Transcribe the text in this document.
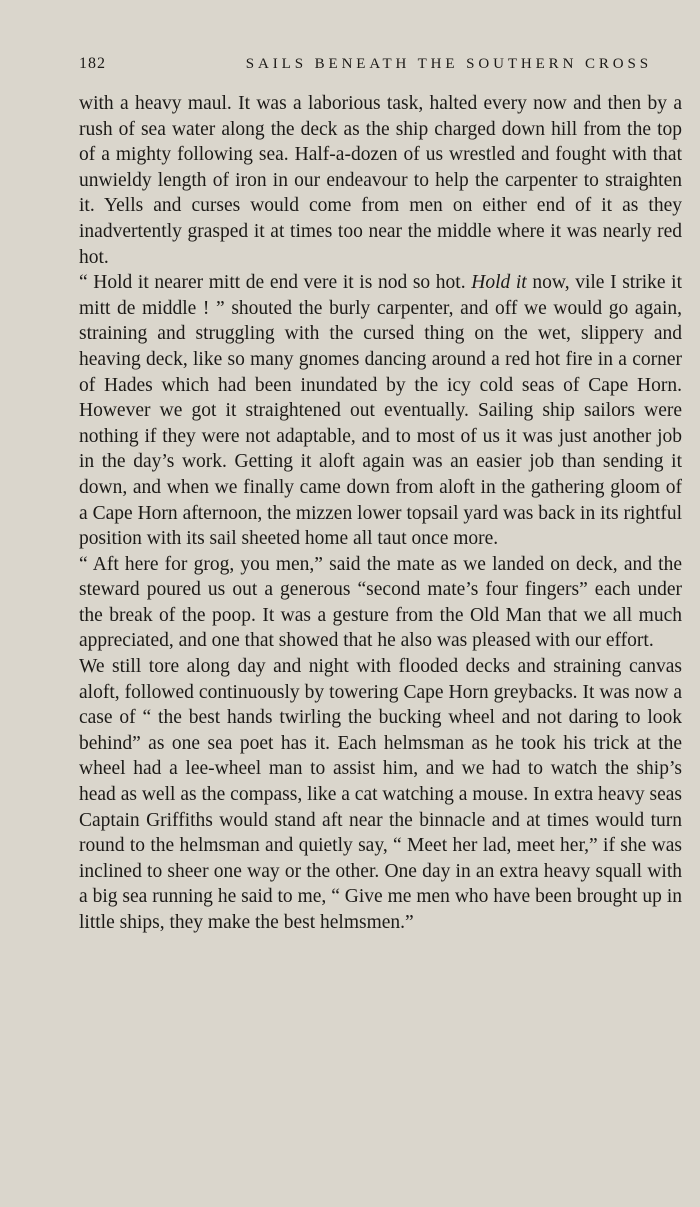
182	SAILS BENEATH THE SOUTHERN CROSS

with a heavy maul. It was a laborious task, halted every now and then by a rush of sea water along the deck as the ship charged down hill from the top of a mighty following sea. Half-a-dozen of us wrestled and fought with that unwieldy length of iron in our endeavour to help the carpenter to straighten it. Yells and curses would come from men on either end of it as they inadvertently grasped it at times too near the middle where it was nearly red hot.

“ Hold it nearer mitt de end vere it is nod so hot. Hold it now, vile I strike it mitt de middle ! ” shouted the burly carpenter, and off we would go again, straining and struggling with the cursed thing on the wet, slippery and heaving deck, like so many gnomes dancing around a red hot fire in a corner of Hades which had been inundated by the icy cold seas of Cape Horn. However we got it straightened out eventually. Sailing ship sailors were nothing if they were not adaptable, and to most of us it was just another job in the day’s work. Getting it aloft again was an easier job than sending it down, and when we finally came down from aloft in the gathering gloom of a Cape Horn afternoon, the mizzen lower topsail yard was back in its rightful position with its sail sheeted home all taut once more.

“ Aft here for grog, you men,” said the mate as we landed on deck, and the steward poured us out a generous “second mate’s four fingers” each under the break of the poop. It was a gesture from the Old Man that we all much appreciated, and one that showed that he also was pleased with our effort.

We still tore along day and night with flooded decks and straining canvas aloft, followed continuously by towering Cape Horn greybacks. It was now a case of “ the best hands twirling the bucking wheel and not daring to look behind” as one sea poet has it. Each helmsman as he took his trick at the wheel had a lee-wheel man to assist him, and we had to watch the ship’s head as well as the compass, like a cat watching a mouse. In extra heavy seas Captain Griffiths would stand aft near the binnacle and at times would turn round to the helmsman and quietly say, “ Meet her lad, meet her,” if she was inclined to sheer one way or the other. One day in an extra heavy squall with a big sea running he said to me, “ Give me men who have been brought up in little ships, they make the best helmsmen.”
